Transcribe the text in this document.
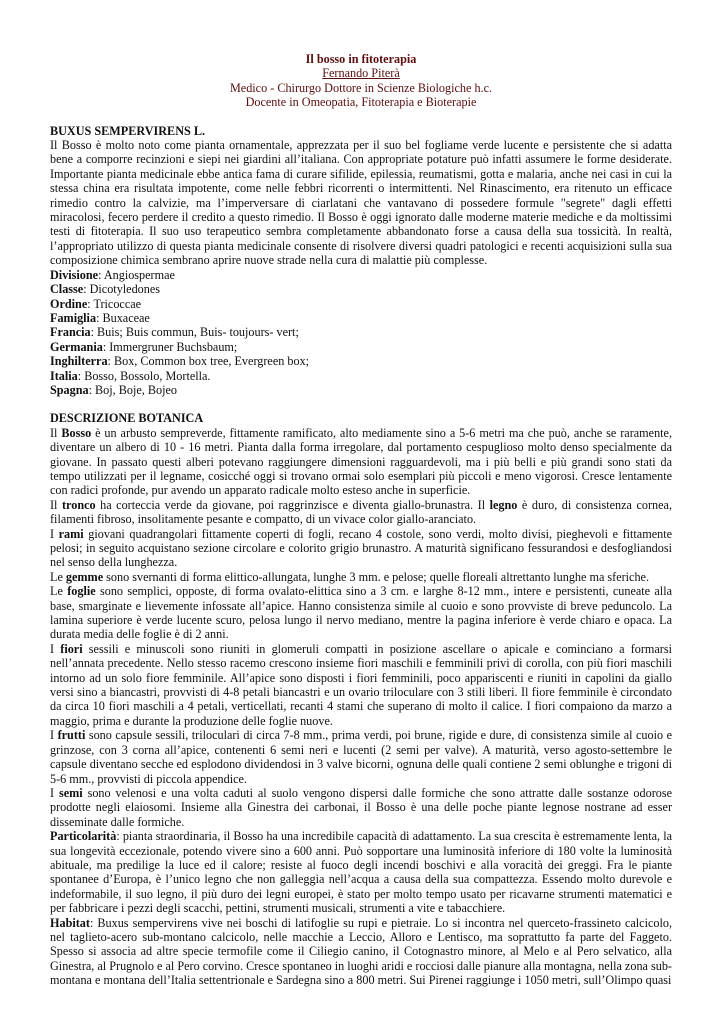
Il bosso in fitoterapia
Fernando Piterà
Medico - Chirurgo Dottore in Scienze Biologiche h.c.
Docente in Omeopatia, Fitoterapia e Bioterapie
BUXUS SEMPERVIRENS L.

Il Bosso è molto noto come pianta ornamentale, apprezzata per il suo bel fogliame verde lucente e persistente che si adatta bene a comporre recinzioni e siepi nei giardini all’italiana. Con appropriate potature può infatti assumere le forme desiderate. Importante pianta medicinale ebbe antica fama di curare sifilide, epilessia, reumatismi, gotta e malaria, anche nei casi in cui la stessa china era risultata impotente, come nelle febbri ricorrenti o intermittenti. Nel Rinascimento, era ritenuto un efficace rimedio contro la calvizie, ma l’imperversare di ciarlatani che vantavano di possedere formule "segrete" dagli effetti miracolosi, fecero perdere il credito a questo rimedio. Il Bosso è oggi ignorato dalle moderne materie mediche e da moltissimi testi di fitoterapia. Il suo uso terapeutico sembra completamente abbandonato forse a causa della sua tossicità. In realtà, l’appropriato utilizzo di questa pianta medicinale consente di risolvere diversi quadri patologici e recenti acquisizioni sulla sua composizione chimica sembrano aprire nuove strade nella cura di malattie più complesse.

Divisione: Angiospermae
Classe: Dicotyledones
Ordine: Tricoccae
Famiglia: Buxaceae
Francia: Buis; Buis commun, Buis- toujours- vert;
Germania: Immergruner Buchsbaum;
Inghilterra: Box, Common box tree, Evergreen box;
Italia: Bosso, Bossolo, Mortella.
Spagna: Boj, Boje, Bojeo
DESCRIZIONE BOTANICA

Il Bosso è un arbusto sempreverde, fittamente ramificato, alto mediamente sino a 5-6 metri ma che può, anche se raramente, diventare un albero di 10 - 16 metri. Pianta dalla forma irregolare, dal portamento cespuglioso molto denso specialmente da giovane. In passato questi alberi potevano raggiungere dimensioni ragguardevoli, ma i più belli e più grandi sono stati da tempo utilizzati per il legname, cosicché oggi si trovano ormai solo esemplari più piccoli e meno vigorosi. Cresce lentamente con radici profonde, pur avendo un apparato radicale molto esteso anche in superficie.

Il tronco ha corteccia verde da giovane, poi raggrinzisce e diventa giallo-brunastra. Il legno è duro, di consistenza cornea, filamenti fibroso, insolitamente pesante e compatto, di un vivace color giallo-aranciato.

I rami giovani quadrangolari fittamente coperti di fogli, recano 4 costole, sono verdi, molto divisi, pieghevoli e fittamente pelosi; in seguito acquistano sezione circolare e colorito grigio brunastro. A maturità significano fessurandosi e desfogliandosi nel senso della lunghezza.

Le gemme sono svernanti di forma elittico-allungata, lunghe 3 mm. e pelose; quelle floreali altrettanto lunghe ma sferiche.

Le foglie sono semplici, opposte, di forma ovalato-elittica sino a 3 cm. e larghe 8-12 mm., intere e persistenti, cuneate alla base, smarginate e lievemente infossate all’apice. Hanno consistenza simile al cuoio e sono provviste di breve peduncolo. La lamina superiore è verde lucente scuro, pelosa lungo il nervo mediano, mentre la pagina inferiore è verde chiaro e opaca. La durata media delle foglie è di 2 anni.

I fiori sessili e minuscoli sono riuniti in glomeruli compatti in posizione ascellare o apicale e cominciano a formarsi nell’annata precedente. Nello stesso racemo crescono insieme fiori maschili e femminili privi di corolla, con più fiori maschili intorno ad un solo fiore femminile. All’apice sono disposti i fiori femminili, poco appariscenti e riuniti in capolini da giallo versi sino a biancastri, provvisti di 4-8 petali biancastri e un ovario triloculare con 3 stili liberi. Il fiore femminile è circondato da circa 10 fiori maschili a 4 petali, verticellati, recanti 4 stami che superano di molto il calice. I fiori compaiono da marzo a maggio, prima e durante la produzione delle foglie nuove.

I frutti sono capsule sessili, triloculari di circa 7-8 mm., prima verdi, poi brune, rigide e dure, di consistenza simile al cuoio e grinzose, con 3 corna all’apice, contenenti 6 semi neri e lucenti (2 semi per valve). A maturità, verso agosto-settembre le capsule diventano secche ed esplodono dividendosi in 3 valve bicorni, ognuna delle quali contiene 2 semi oblunghe e trigoni di 5-6 mm., provvisti di piccola appendice.

I semi sono velenosi e una volta caduti al suolo vengono dispersi dalle formiche che sono attratte dalle sostanze odorose prodotte negli elaiosomi. Insieme alla Ginestra dei carbonai, il Bosso è una delle poche piante legnose nostrane ad esser disseminate dalle formiche.

Particolarità: pianta straordinaria, il Bosso ha una incredibile capacità di adattamento. La sua crescita è estremamente lenta, la sua longevità eccezionale, potendo vivere sino a 600 anni. Può sopportare una luminosità inferiore di 180 volte la luminosità abituale, ma predilige la luce ed il calore; resiste al fuoco degli incendi boschivi e alla voracità dei greggi. Fra le piante spontanee d’Europa, è l’unico legno che non galleggia nell’acqua a causa della sua compattezza. Essendo molto durevole e indeformabile, il suo legno, il più duro dei legni europei, è stato per molto tempo usato per ricavarne strumenti matematici e per fabbricare i pezzi degli scacchi, pettini, strumenti musicali, strumenti a vite e tabacchiere.

Habitat: Buxus sempervirens vive nei boschi di latifoglie su rupi e pietraie. Lo si incontra nel querceto-frassineto calcicolo, nel taglieto-acero sub-montano calcicolo, nelle macchie a Leccio, Alloro e Lentisco, ma soprattutto fa parte del Faggeto. Spesso si associa ad altre specie termofile come il Ciliegio canino, il Cotognastro minore, al Melo e al Pero selvatico, alla Ginestra, al Prugnolo e al Pero corvino. Cresce spontaneo in luoghi aridi e rocciosi dalle pianure alla montagna, nella zona sub-montana e montana dell’Italia settentrionale e Sardegna sino a 800 metri. Sui Pirenei raggiunge i 1050 metri, sull’Olimpo quasi
